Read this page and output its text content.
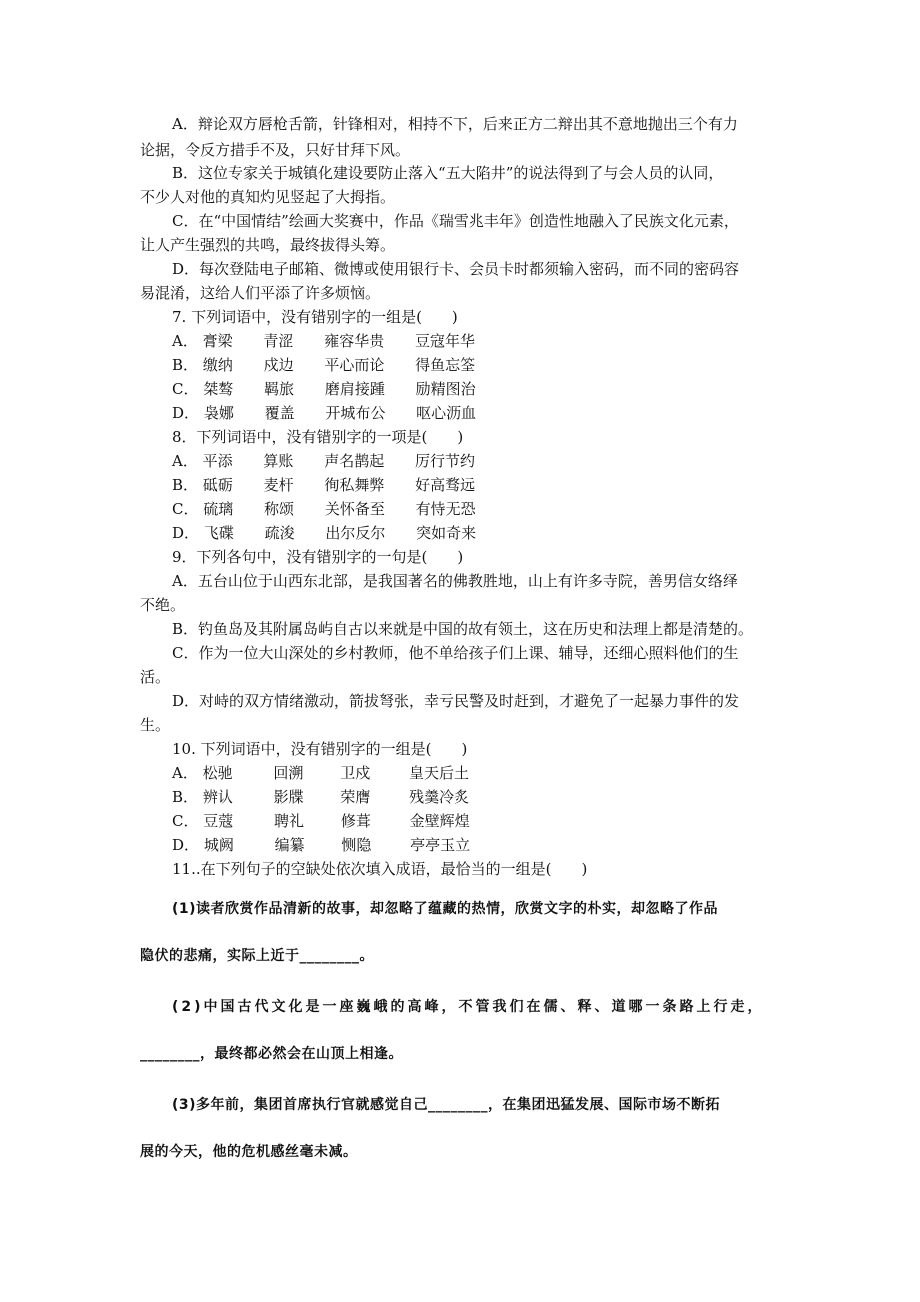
A．辩论双方唇枪舌箭，针锋相对，相持不下，后来正方二辩出其不意地抛出三个有力

论据，令反方措手不及，只好甘拜下风。

B．这位专家关于城镇化建设要防止落入“五大陷井”的说法得到了与会人员的认同，

不少人对他的真知灼见竖起了大拇指。

C．在“中国情结”绘画大奖赛中，作品《瑞雪兆丰年》创造性地融入了民族文化元素，

让人产生强烈的共鸣，最终拔得头筹。

D．每次登陆电子邮箱、微博或使用银行卡、会员卡时都须输入密码，而不同的密码容

易混淆，这给人们平添了许多烦恼。

7. 下列词语中，没有错别字的一组是(　　)

A． 膏梁 青涩 雍容华贵 豆寇年华

B． 缴纳 戍边 平心而论 得鱼忘筌

C． 桀骜 羁旅 磨肩接踵 励精图治

D． 袅娜 覆盖 开城布公 呕心沥血

8．下列词语中，没有错别字的一项是(　　)

A． 平添 算账 声名鹊起 厉行节约

B． 砥砺 麦杆 徇私舞弊 好高骛远

C． 硫璃 称颂 关怀备至 有恃无恐

D． 飞碟 疏浚 出尔反尔 突如奇来

9．下列各句中，没有错别字的一句是(　　)

A．五台山位于山西东北部，是我国著名的佛教胜地，山上有许多寺院，善男信女络绎

不绝。

B．钓鱼岛及其附属岛屿自古以来就是中国的故有领土，这在历史和法理上都是清楚的。

C．作为一位大山深处的乡村教师，他不单给孩子们上课、辅导，还细心照料他们的生

活。

D．对峙的双方情绪激动，箭拔弩张，幸亏民警及时赶到，才避免了一起暴力事件的发

生。

10. 下列词语中，没有错别字的一组是(　　)

A． 松驰	回溯 卫戍	皇天后土

B． 辨认	影牒 荣膺	残羹冷炙

C． 豆蔻	聘礼 修葺	金壁辉煌

D． 城阙	编纂 恻隐	亭亭玉立

11..在下列句子的空缺处依次填入成语，最恰当的一组是(　　)

(1)读者欣赏作品清新的故事，却忽略了蕴藏的热情，欣赏文字的朴实，却忽略了作品

隐伏的悲痛，实际上近于________。

(2)中国古代文化是一座巍峨的高峰，不管我们在儒、释、道哪一条路上行走，

________，最终都必然会在山顶上相逢。

(3)多年前，集团首席执行官就感觉自己________，在集团迅猛发展、国际市场不断拓

展的今天，他的危机感丝毫未减。
